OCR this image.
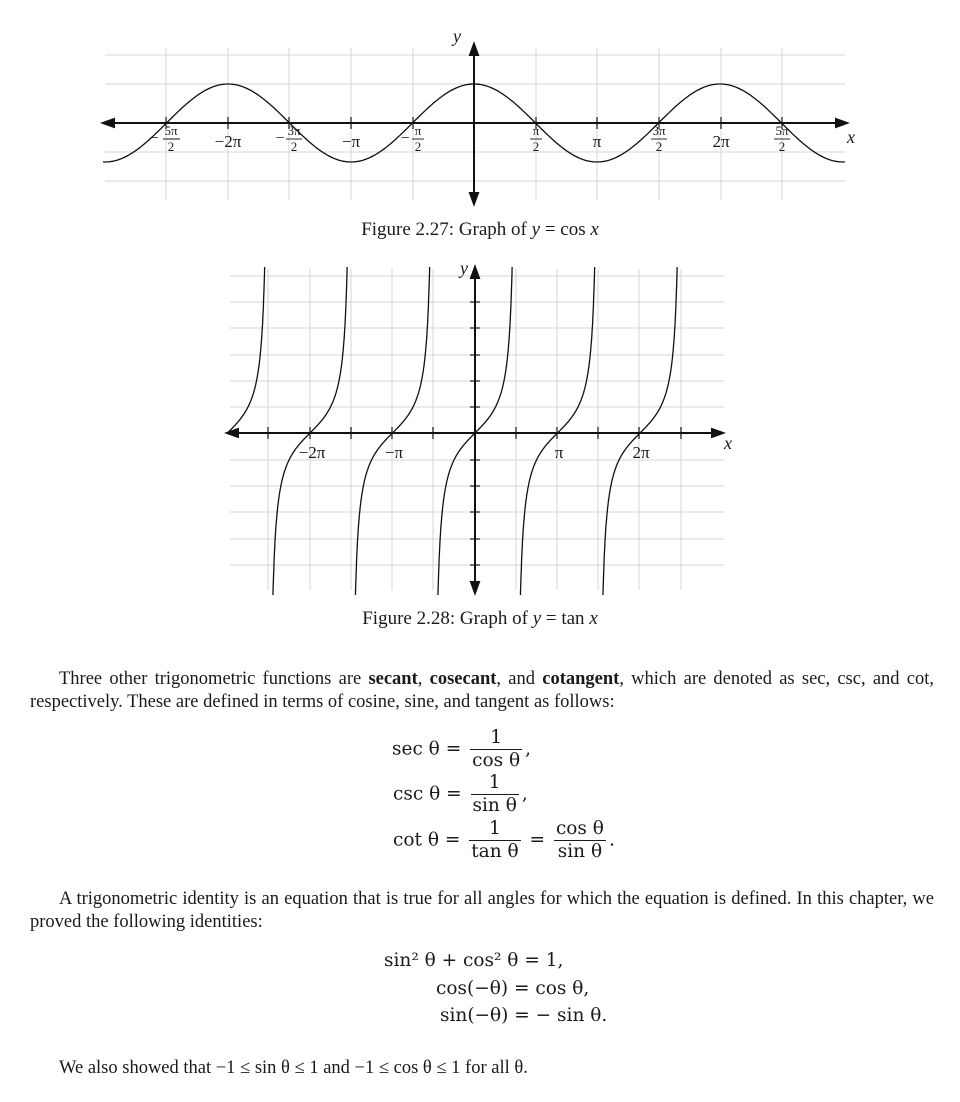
x
y
− 5π
2 −2π − 3π
2	−π	− π
2
π
2	π
3π
2	2π
5π
2
Figure 2.27: Graph of y = cos x
x
y
−2π	−π	π	2π
Figure 2.28: Graph of y = tan x
Three other trigonometric functions are secant, cosecant, and cotangent, which are denoted as sec, csc, and cot, respectively. These are defined in terms of cosine, sine, and tangent as follows:
$\sec \theta = \frac{1}{\text{cos θ}}$ ,
$\csc \theta = \frac{1}{\text{sin θ}}$ ,
$\cot \theta = \frac{1}{\text{tan θ}} = \frac{\text{cos θ}}{\text{sin θ}}$ .
A trigonometric identity is an equation that is true for all angles for which the equation is defined. In this chapter, we proved the following identities:
sin² θ + cos² θ = 1,
cos(−θ) = cos θ,
sin(−θ) = − sin θ.
We also showed that −1 ≤ sin θ ≤ 1 and −1 ≤ cos θ ≤ 1 for all θ.
